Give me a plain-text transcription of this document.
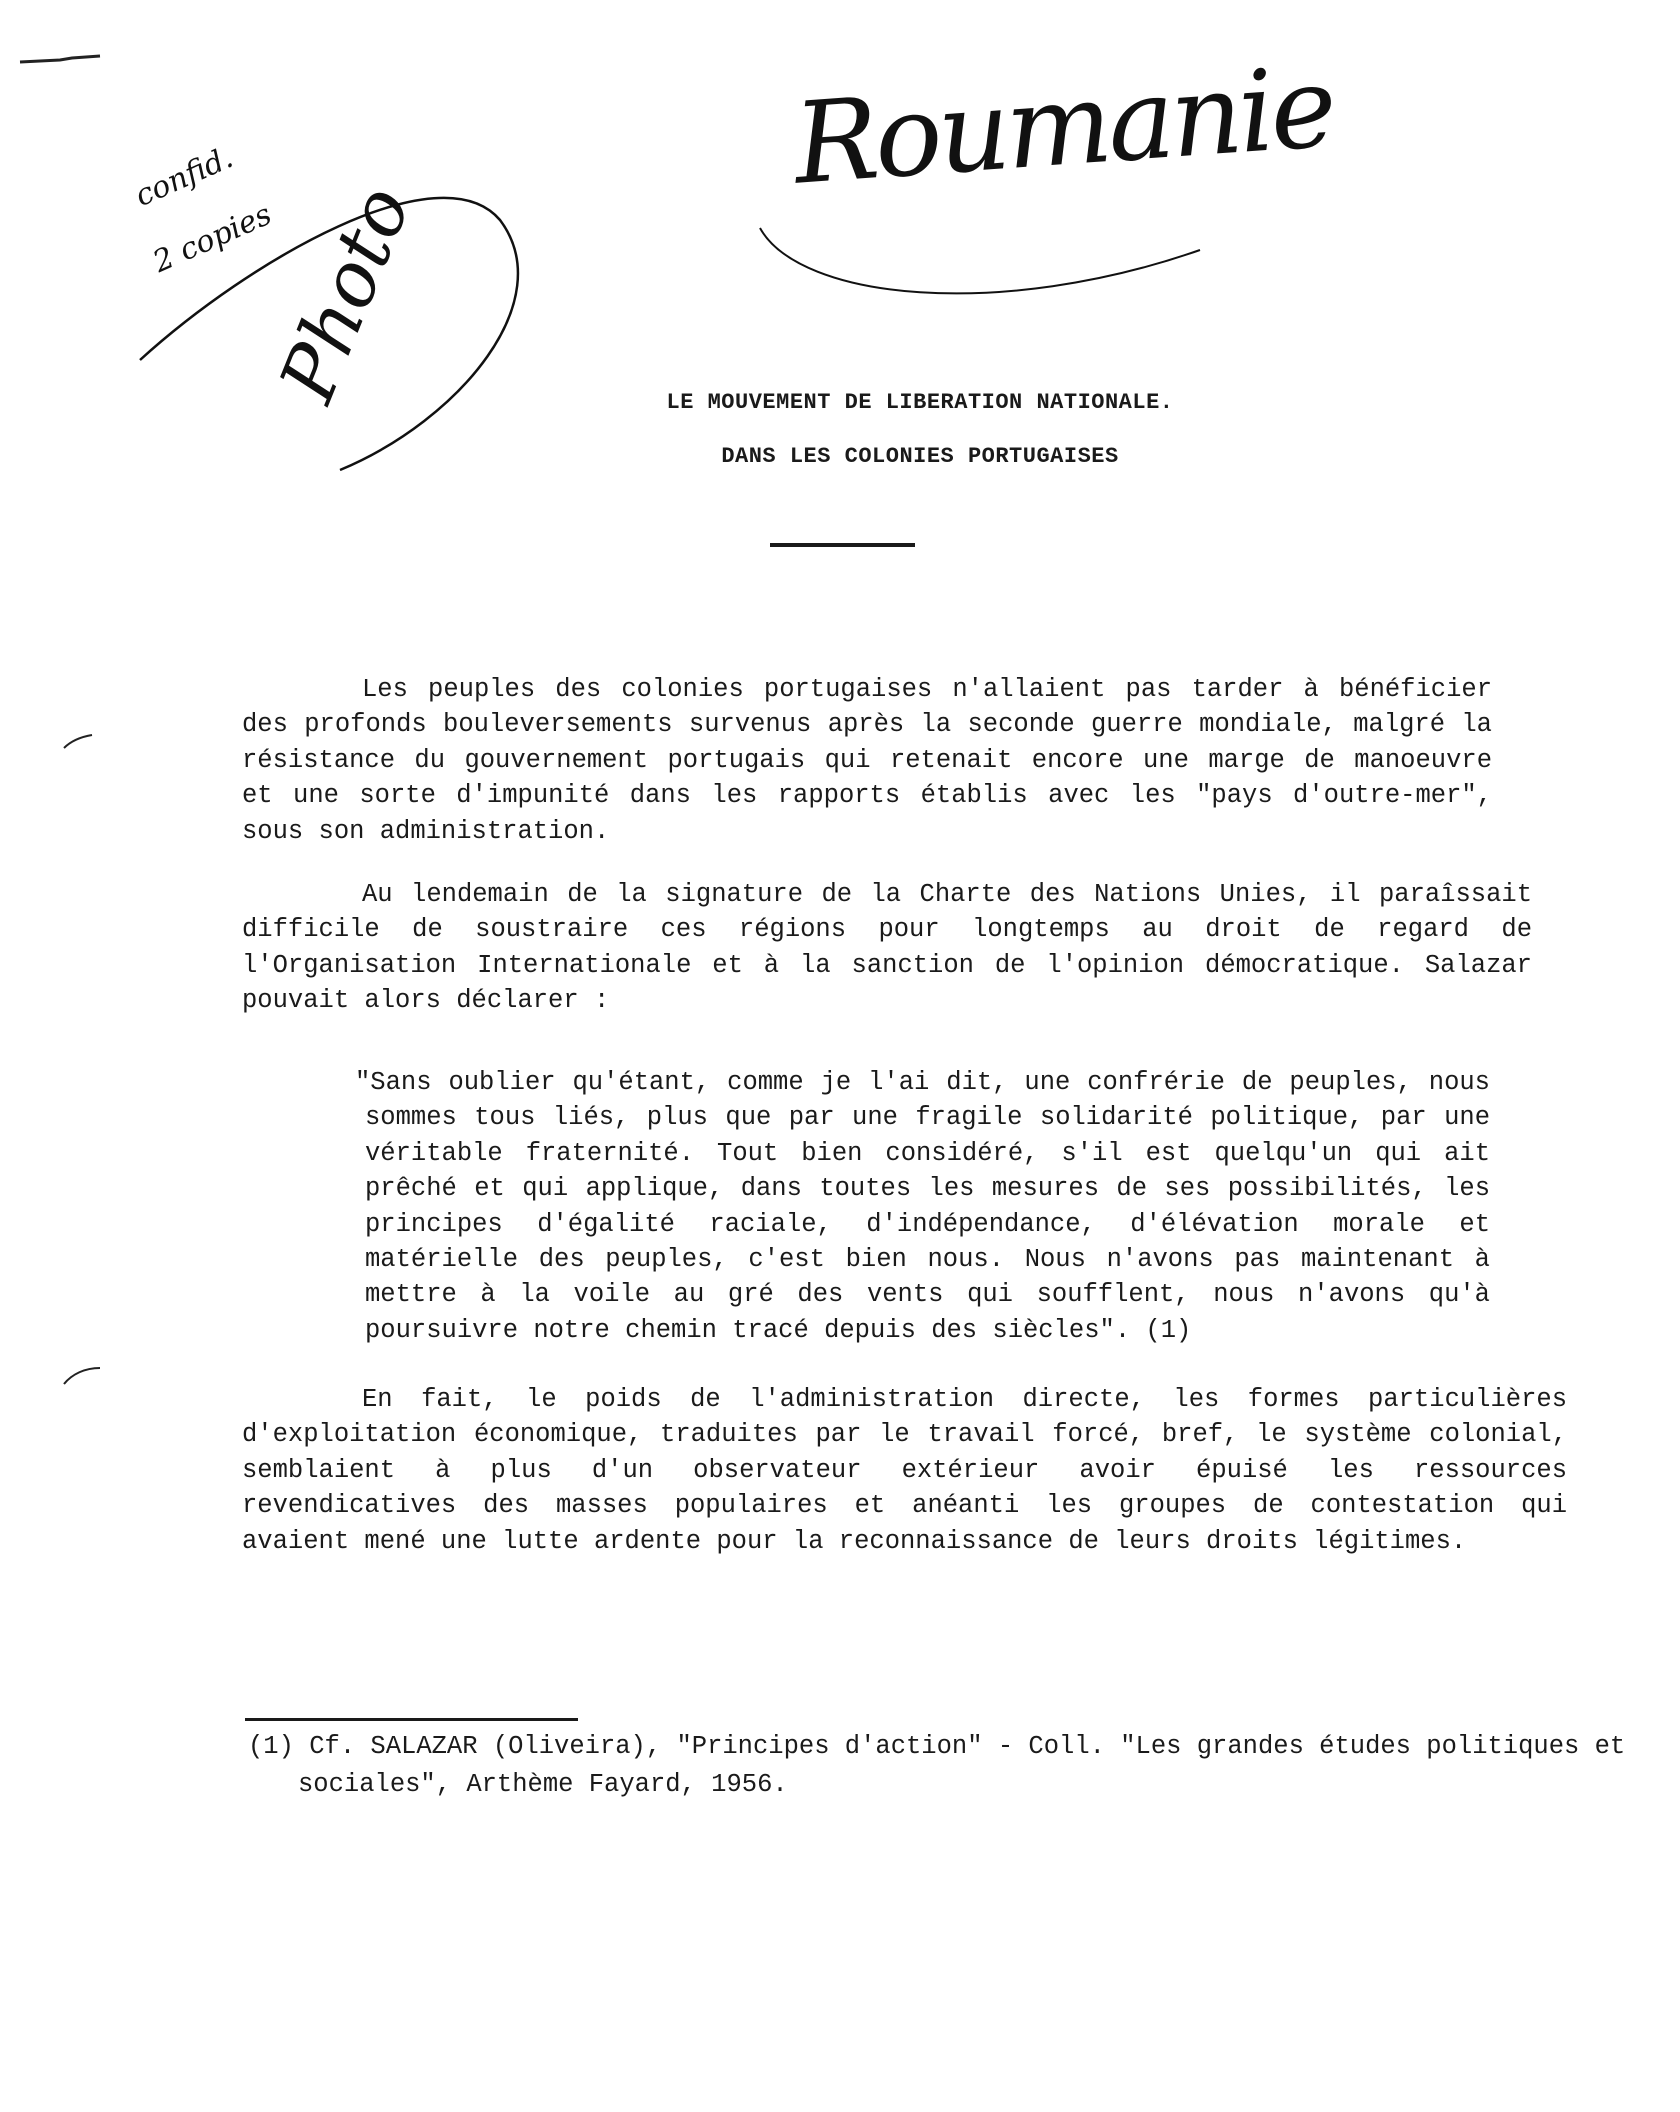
Roumanie
confid.
2 copies
Photo	LE MOUVEMENT DE LIBERATION NATIONALE.
DANS LES COLONIES PORTUGAISES
Les peuples des colonies portugaises n'allaient pas tarder à bénéficier des profonds bouleversements survenus après la seconde guerre mondiale, malgré la résistance du gouvernement portugais qui retenait encore une marge de manoeuvre et une sorte d'impunité dans les rapports établis avec les "pays d'outre-mer", sous son administration.
Au lendemain de la signature de la Charte des Nations Unies, il paraîssait difficile de soustraire ces régions pour longtemps au droit de regard de l'Organisation Internationale et à la sanction de l'opinion démocratique. Salazar pouvait alors déclarer :
"Sans oublier qu'étant, comme je l'ai dit, une confrérie de peuples, nous sommes tous liés, plus que par une fragile solidarité politique, par une véritable fraternité. Tout bien considéré, s'il est quelqu'un qui ait prêché et qui applique, dans toutes les mesures de ses possibilités, les principes d'égalité raciale, d'indépendance, d'élévation morale et matérielle des peuples, c'est bien nous. Nous n'avons pas maintenant à mettre à la voile au gré des vents qui soufflent, nous n'avons qu'à poursuivre notre chemin tracé depuis des siècles". (1)
En fait, le poids de l'administration directe, les formes particulières d'exploitation économique, traduites par le travail forcé, bref, le système colonial, semblaient à plus d'un observateur extérieur avoir épuisé les ressources revendicatives des masses populaires et anéanti les groupes de contestation qui avaient mené une lutte ardente pour la reconnaissance de leurs droits légitimes.
(1) Cf. SALAZAR (Oliveira), "Principes d'action" - Coll. "Les grandes études politiques et sociales", Arthème Fayard, 1956.
